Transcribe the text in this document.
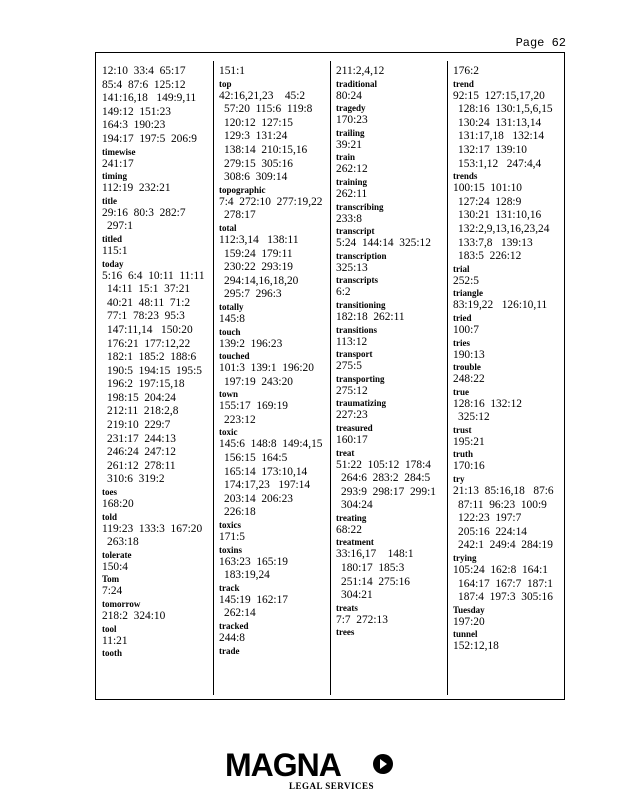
Page 62
12:10  33:4  65:17
85:4  87:6  125:12
141:16,18   149:9,11
149:12  151:23
164:3  190:23
194:17  197:5  206:9
timewise
241:17
timing
112:19  232:21
title
29:16  80:3  282:7
297:1
titled
115:1
today
5:16  6:4  10:11  11:11
14:11  15:1  37:21
40:21  48:11  71:2
77:1  78:23  95:3
147:11,14   150:20
176:21  177:12,22
182:1  185:2  188:6
190:5  194:15  195:5
196:2  197:15,18
198:15  204:24
212:11  218:2,8
219:10  229:7
231:17  244:13
246:24  247:12
261:12  278:11
310:6  319:2
toes
168:20
told
119:23  133:3  167:20
263:18
tolerate
150:4
Tom
7:24
tomorrow
218:2  324:10
tool
11:21
tooth
151:1
top
42:16,21,23    45:2
57:20  115:6  119:8
120:12  127:15
129:3  131:24
138:14  210:15,16
279:15  305:16
308:6  309:14
topographic
7:4  272:10  277:19,22
278:17
total
112:3,14   138:11
159:24  179:11
230:22  293:19
294:14,16,18,20
295:7  296:3
totally
145:8
touch
139:2  196:23
touched
101:3  139:1  196:20
197:19  243:20
town
155:17  169:19
223:12
toxic
145:6  148:8  149:4,15
156:15  164:5
165:14  173:10,14
174:17,23   197:14
203:14  206:23
226:18
toxics
171:5
toxins
163:23  165:19
183:19,24
track
145:19  162:17
262:14
tracked
244:8
trade
211:2,4,12
traditional
80:24
tragedy
170:23
trailing
39:21
train
262:12
training
262:11
transcribing
233:8
transcript
5:24  144:14  325:12
transcription
325:13
transcripts
6:2
transitioning
182:18  262:11
transitions
113:12
transport
275:5
transporting
275:12
traumatizing
227:23
treasured
160:17
treat
51:22  105:12  178:4
264:6  283:2  284:5
293:9  298:17  299:1
304:24
treating
68:22
treatment
33:16,17    148:1
180:17  185:3
251:14  275:16
304:21
treats
7:7  272:13
trees
176:2
trend
92:15  127:15,17,20
128:16  130:1,5,6,15
130:24  131:13,14
131:17,18   132:14
132:17  139:10
153:1,12   247:4,4
trends
100:15  101:10
127:24  128:9
130:21  131:10,16
132:2,9,13,16,23,24
133:7,8   139:13
183:5  226:12
trial
252:5
triangle
83:19,22   126:10,11
tried
100:7
tries
190:13
trouble
248:22
true
128:16  132:12
325:12
trust
195:21
truth
170:16
try
21:13  85:16,18   87:6
87:11  96:23  100:9
122:23  197:7
205:16  224:14
242:1  249:4  284:19
trying
105:24  162:8  164:1
164:17  167:7  187:1
187:4  197:3  305:16
Tuesday
197:20
tunnel
152:12,18
MAGNA
LEGAL SERVICES
